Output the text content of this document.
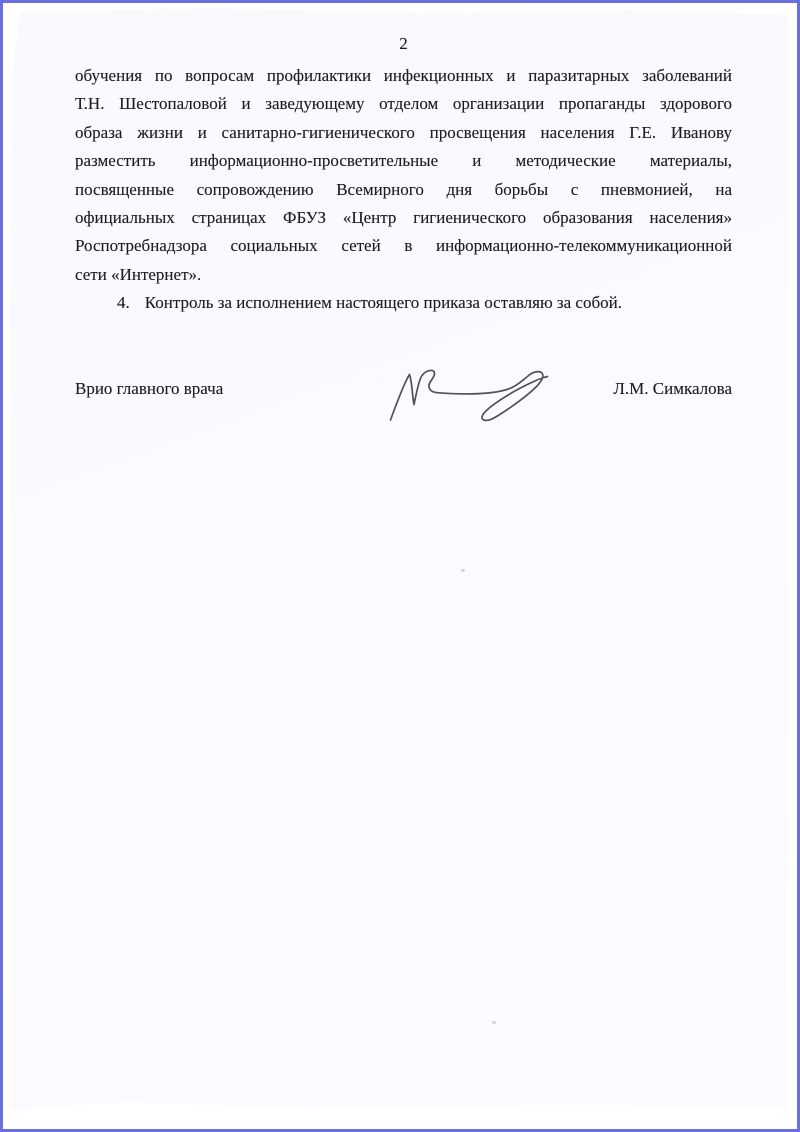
2
обучения по вопросам профилактики инфекционных и паразитарных заболеваний
Т.Н. Шестопаловой и заведующему отделом организации пропаганды здорового
образа жизни и санитарно-гигиенического просвещения населения Г.Е. Иванову
разместить информационно-просветительные и методические материалы,
посвященные сопровождению Всемирного дня борьбы с пневмонией, на
официальных страницах ФБУЗ «Центр гигиенического образования населения»
Роспотребнадзора социальных сетей в информационно-телекоммуникационной
сети «Интернет».
4. Контроль за исполнением настоящего приказа оставляю за собой.
Врио главного врача	Л.М. Симкалова
